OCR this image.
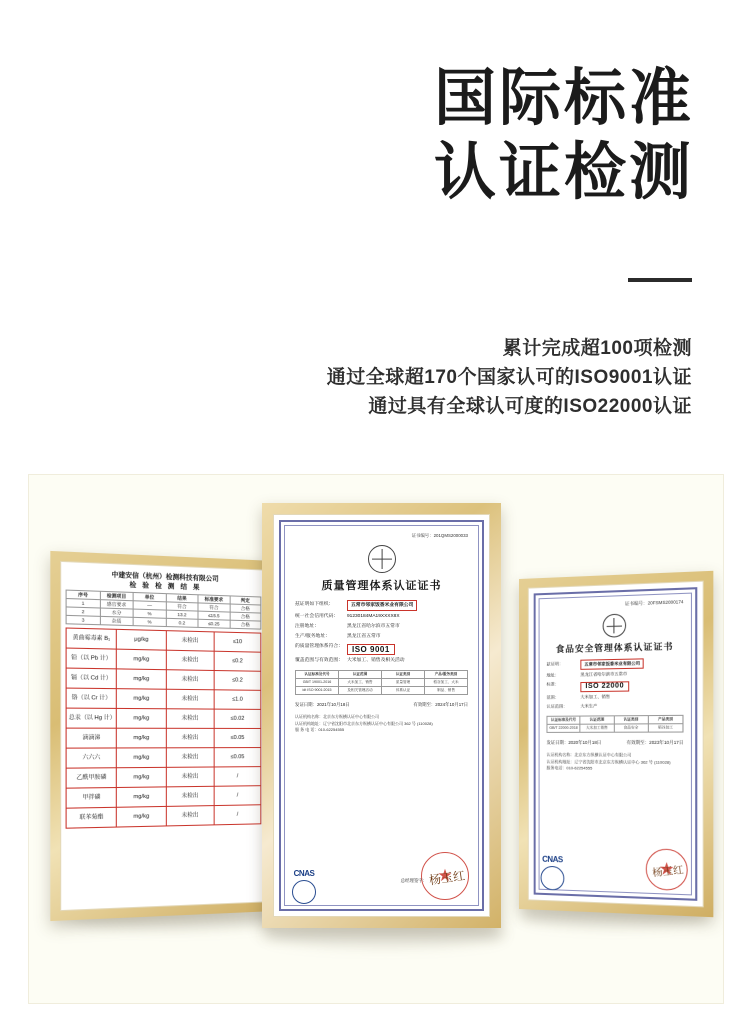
国际标准
认证检测
累计完成超100项检测
通过全球超170个国家认可的ISO9001认证
通过具有全球认可度的ISO22000认证
中建安信（杭州）检测科技有限公司
检 验 检 测 结 果
序号	检测项目	单位	结果	标准要求	判定
1	感官要求	—	符合	符合	合格
2	水分	%	13.2	≤15.5	合格
3	杂质	%	0.2	≤0.25	合格
黄曲霉毒素 B₁	μg/kg	未检出	≤10
铅（以 Pb 计）	mg/kg	未检出	≤0.2
镉（以 Cd 计）	mg/kg	未检出	≤0.2
铬（以 Cr 计）	mg/kg	未检出	≤1.0
总汞（以 Hg 计）	mg/kg	未检出	≤0.02
滴滴涕	mg/kg	未检出	≤0.05
六六六	mg/kg	未检出	≤0.05
乙酰甲胺磷	mg/kg	未检出	/
甲拌磷	mg/kg	未检出	/
联苯菊酯	mg/kg	未检出	/
证书编号：201QMS2000033
质量管理体系认证证书
兹证明如下组织：	五常市邻家饭香米业有限公司
统一社会信用代码：	91230184MA19XXXX8X
注册地址：	黑龙江省哈尔滨市五常市
生产/服务地址：	黑龙江省五常市
的质量管理体系符合：	ISO 9001
覆盖范围与有效范围： 大米加工、销售及相关活动
认证标准及代号	认证范围	认证类别	产品/服务类别
GB/T 19001-2016	大米加工、销售	质量管理	稻谷加工、大米
idt ISO 9001:2015	及相关管理活动	体系认证	制品、销售
发证日期：2021年10月18日	有效期至：2024年10月17日
认证机构名称：北京东方纵横认证中心有限公司
认证机构地址：辽宁省沈阳市北京东方纵横认证中心有限公司 362 号 (110028)
服 务 电 话：010-62254555
CNAS
总经理签字： 杨玉红
★
证书编号：20FSMS2000174
食品安全管理体系认证证书
兹证明：	五常市邻家饭香米业有限公司
地址：	黑龙江省哈尔滨市五常市
标准：	ISO 22000
范围：	大米加工、销售
认证范围：	大米生产
认证标准及代号	认证范围	认证类别	产品类别
GB/T 22000-2018	大米加工销售	食品安全	稻谷加工
发证日期：2020年10月18日	有效期至：2023年10月17日
认证机构名称：北京东方纵横认证中心有限公司
认证机构地址：辽宁省沈阳市北京东方纵横认证中心 362 号 (110028)
服务电话：010-62254555
CNAS
杨玉红
★
